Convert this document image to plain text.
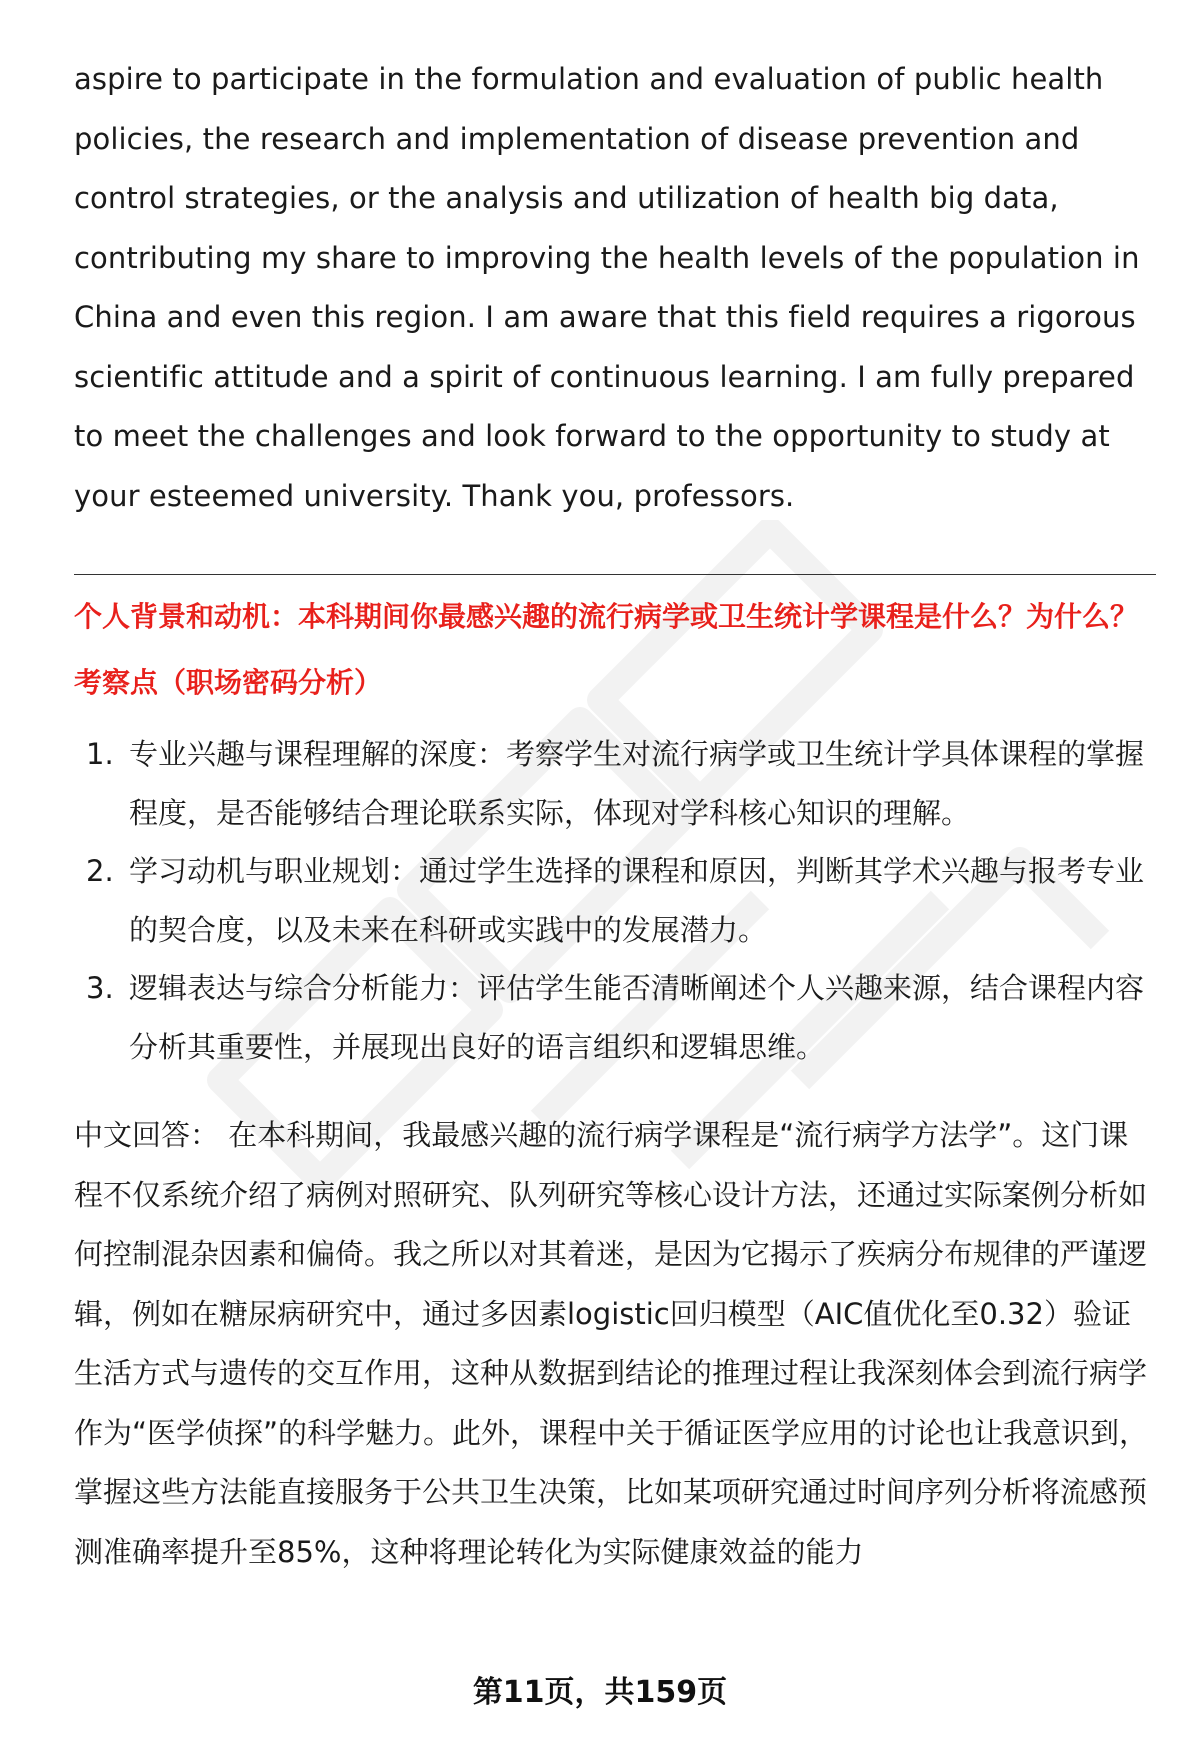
aspire to participate in the formulation and evaluation of public health policies, the research and implementation of disease prevention and control strategies, or the analysis and utilization of health big data, contributing my share to improving the health levels of the population in China and even this region. I am aware that this field requires a rigorous scientific attitude and a spirit of continuous learning. I am fully prepared to meet the challenges and look forward to the opportunity to study at your esteemed university. Thank you, professors.

个人背景和动机：本科期间你最感兴趣的流行病学或卫生统计学课程是什么？为什么？
考察点（职场密码分析）
1. 专业兴趣与课程理解的深度：考察学生对流行病学或卫生统计学具体课程的掌握程度，是否能够结合理论联系实际，体现对学科核心知识的理解。
2. 学习动机与职业规划：通过学生选择的课程和原因，判断其学术兴趣与报考专业的契合度，以及未来在科研或实践中的发展潜力。
3. 逻辑表达与综合分析能力：评估学生能否清晰阐述个人兴趣来源，结合课程内容分析其重要性，并展现出良好的语言组织和逻辑思维。

中文回答： 在本科期间，我最感兴趣的流行病学课程是“流行病学方法学”。这门课程不仅系统介绍了病例对照研究、队列研究等核心设计方法，还通过实际案例分析如何控制混杂因素和偏倚。我之所以对其着迷，是因为它揭示了疾病分布规律的严谨逻辑，例如在糖尿病研究中，通过多因素logistic回归模型（AIC值优化至0.32）验证生活方式与遗传的交互作用，这种从数据到结论的推理过程让我深刻体会到流行病学作为“医学侦探”的科学魅力。此外，课程中关于循证医学应用的讨论也让我意识到，掌握这些方法能直接服务于公共卫生决策，比如某项研究通过时间序列分析将流感预测准确率提升至85%，这种将理论转化为实际健康效益的能力

第11页，共159页
